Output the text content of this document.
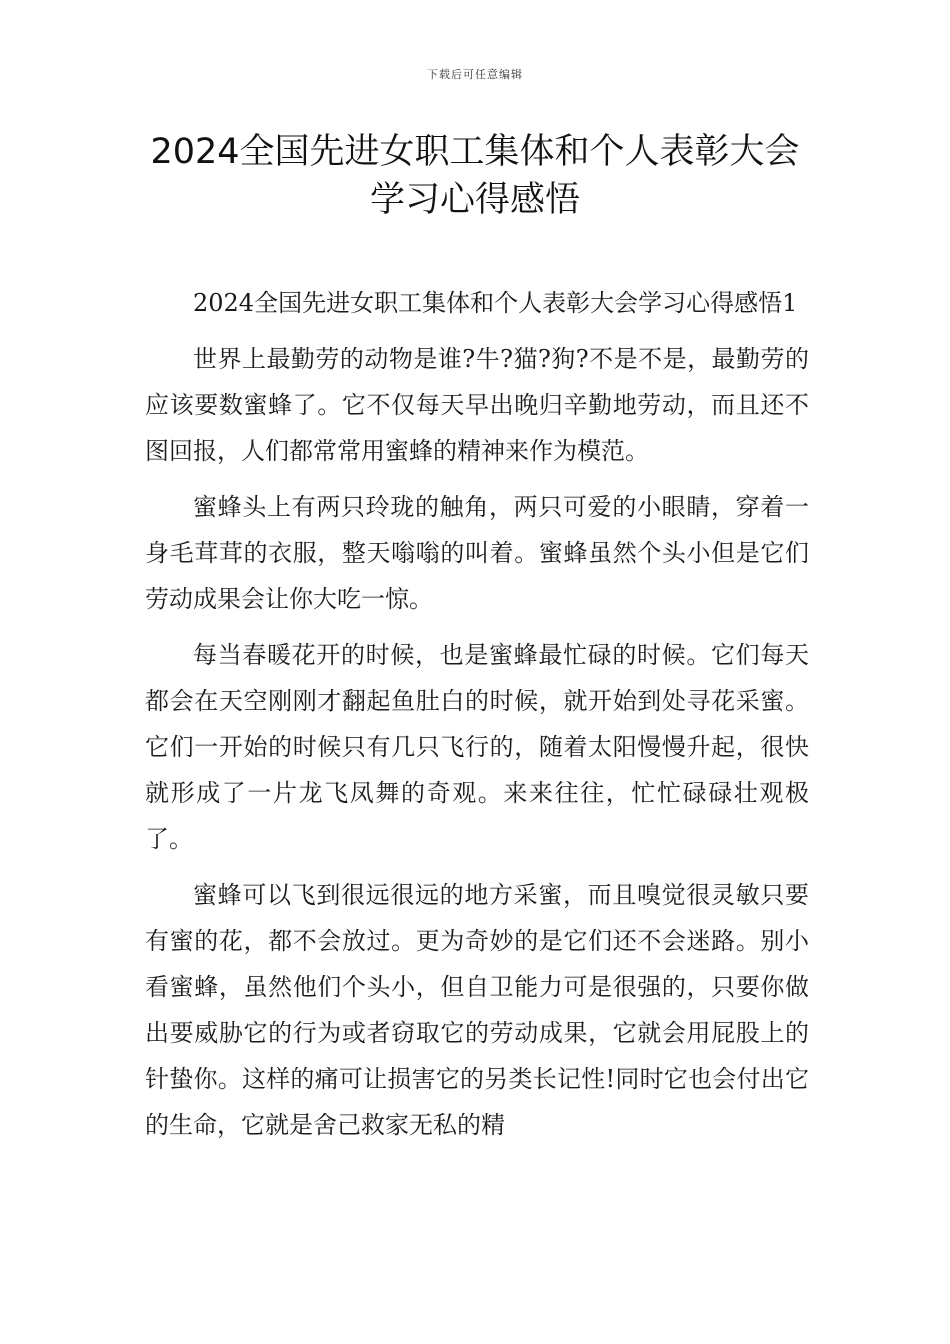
下载后可任意编辑
2024全国先进女职工集体和个人表彰大会
学习心得感悟

2024全国先进女职工集体和个人表彰大会学习心得感悟1

世界上最勤劳的动物是谁?牛?猫?狗?不是不是，最勤劳的应该要数蜜蜂了。它不仅每天早出晚归辛勤地劳动，而且还不图回报，人们都常常用蜜蜂的精神来作为模范。

蜜蜂头上有两只玲珑的触角，两只可爱的小眼睛，穿着一身毛茸茸的衣服，整天嗡嗡的叫着。蜜蜂虽然个头小但是它们劳动成果会让你大吃一惊。

每当春暖花开的时候，也是蜜蜂最忙碌的时候。它们每天都会在天空刚刚才翻起鱼肚白的时候，就开始到处寻花采蜜。它们一开始的时候只有几只飞行的，随着太阳慢慢升起，很快就形成了一片龙飞凤舞的奇观。来来往往，忙忙碌碌壮观极了。

蜜蜂可以飞到很远很远的地方采蜜，而且嗅觉很灵敏只要有蜜的花，都不会放过。更为奇妙的是它们还不会迷路。别小看蜜蜂，虽然他们个头小，但自卫能力可是很强的，只要你做出要威胁它的行为或者窃取它的劳动成果，它就会用屁股上的针蛰你。这样的痛可让损害它的另类长记性!同时它也会付出它的生命，它就是舍己救家无私的精
